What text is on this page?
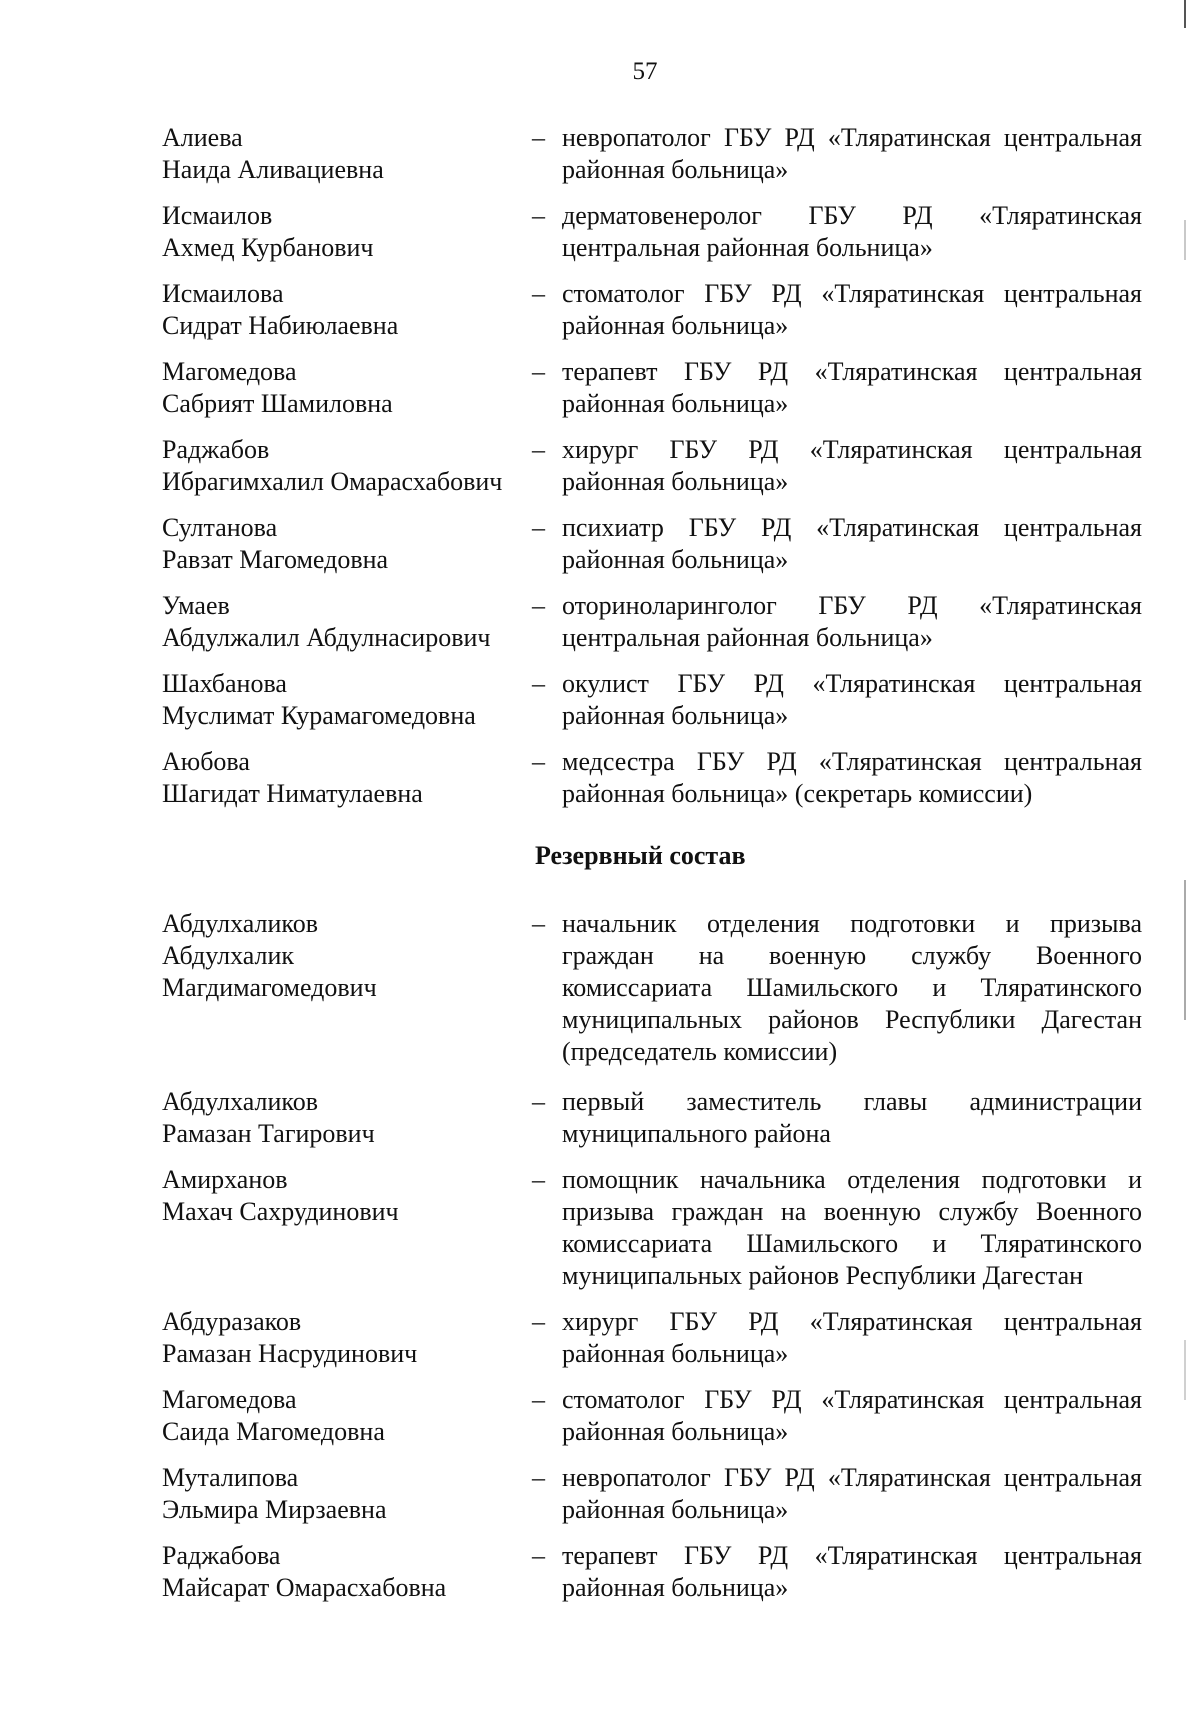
57
Алиева
Наида Аливациевна
– невропатолог ГБУ РД «Тляратинская центральная районная больница»
Исмаилов
Ахмед Курбанович
– дерматовенеролог ГБУ РД «Тляратинская центральная районная больница»
Исмаилова
Сидрат Набиюлаевна
– стоматолог ГБУ РД «Тляратинская центральная районная больница»
Магомедова
Сабрият Шамиловна
– терапевт ГБУ РД «Тляратинская центральная районная больница»
Раджабов
Ибрагимхалил Омарасхабович
– хирург ГБУ РД «Тляратинская центральная районная больница»
Султанова
Равзат Магомедовна
– психиатр ГБУ РД «Тляратинская центральная районная больница»
Умаев
Абдулжалил Абдулнасирович
– оториноларинголог ГБУ РД «Тляратинская центральная районная больница»
Шахбанова
Муслимат Курамагомедовна
– окулист ГБУ РД «Тляратинская центральная районная больница»
Аюбова
Шагидат Ниматулаевна
– медсестра ГБУ РД «Тляратинская центральная районная больница» (секретарь комиссии)
Резервный состав
Абдулхаликов
Абдулхалик
Магдимагомедович
– начальник отделения подготовки и призыва граждан на военную службу Военного комиссариата Шамильского и Тляратинского муниципальных районов Республики Дагестан (председатель комиссии)
Абдулхаликов
Рамазан Тагирович
– первый заместитель главы администрации муниципального района
Амирханов
Махач Сахрудинович
– помощник начальника отделения подготовки и призыва граждан на военную службу Военного комиссариата Шамильского и Тляратинского муниципальных районов Республики Дагестан
Абдуразаков
Рамазан Насрудинович
– хирург ГБУ РД «Тляратинская центральная районная больница»
Магомедова
Саида Магомедовна
– стоматолог ГБУ РД «Тляратинская центральная районная больница»
Муталипова
Эльмира Мирзаевна
– невропатолог ГБУ РД «Тляратинская центральная районная больница»
Раджабова
Майсарат Омарасхабовна
– терапевт ГБУ РД «Тляратинская центральная районная больница»
